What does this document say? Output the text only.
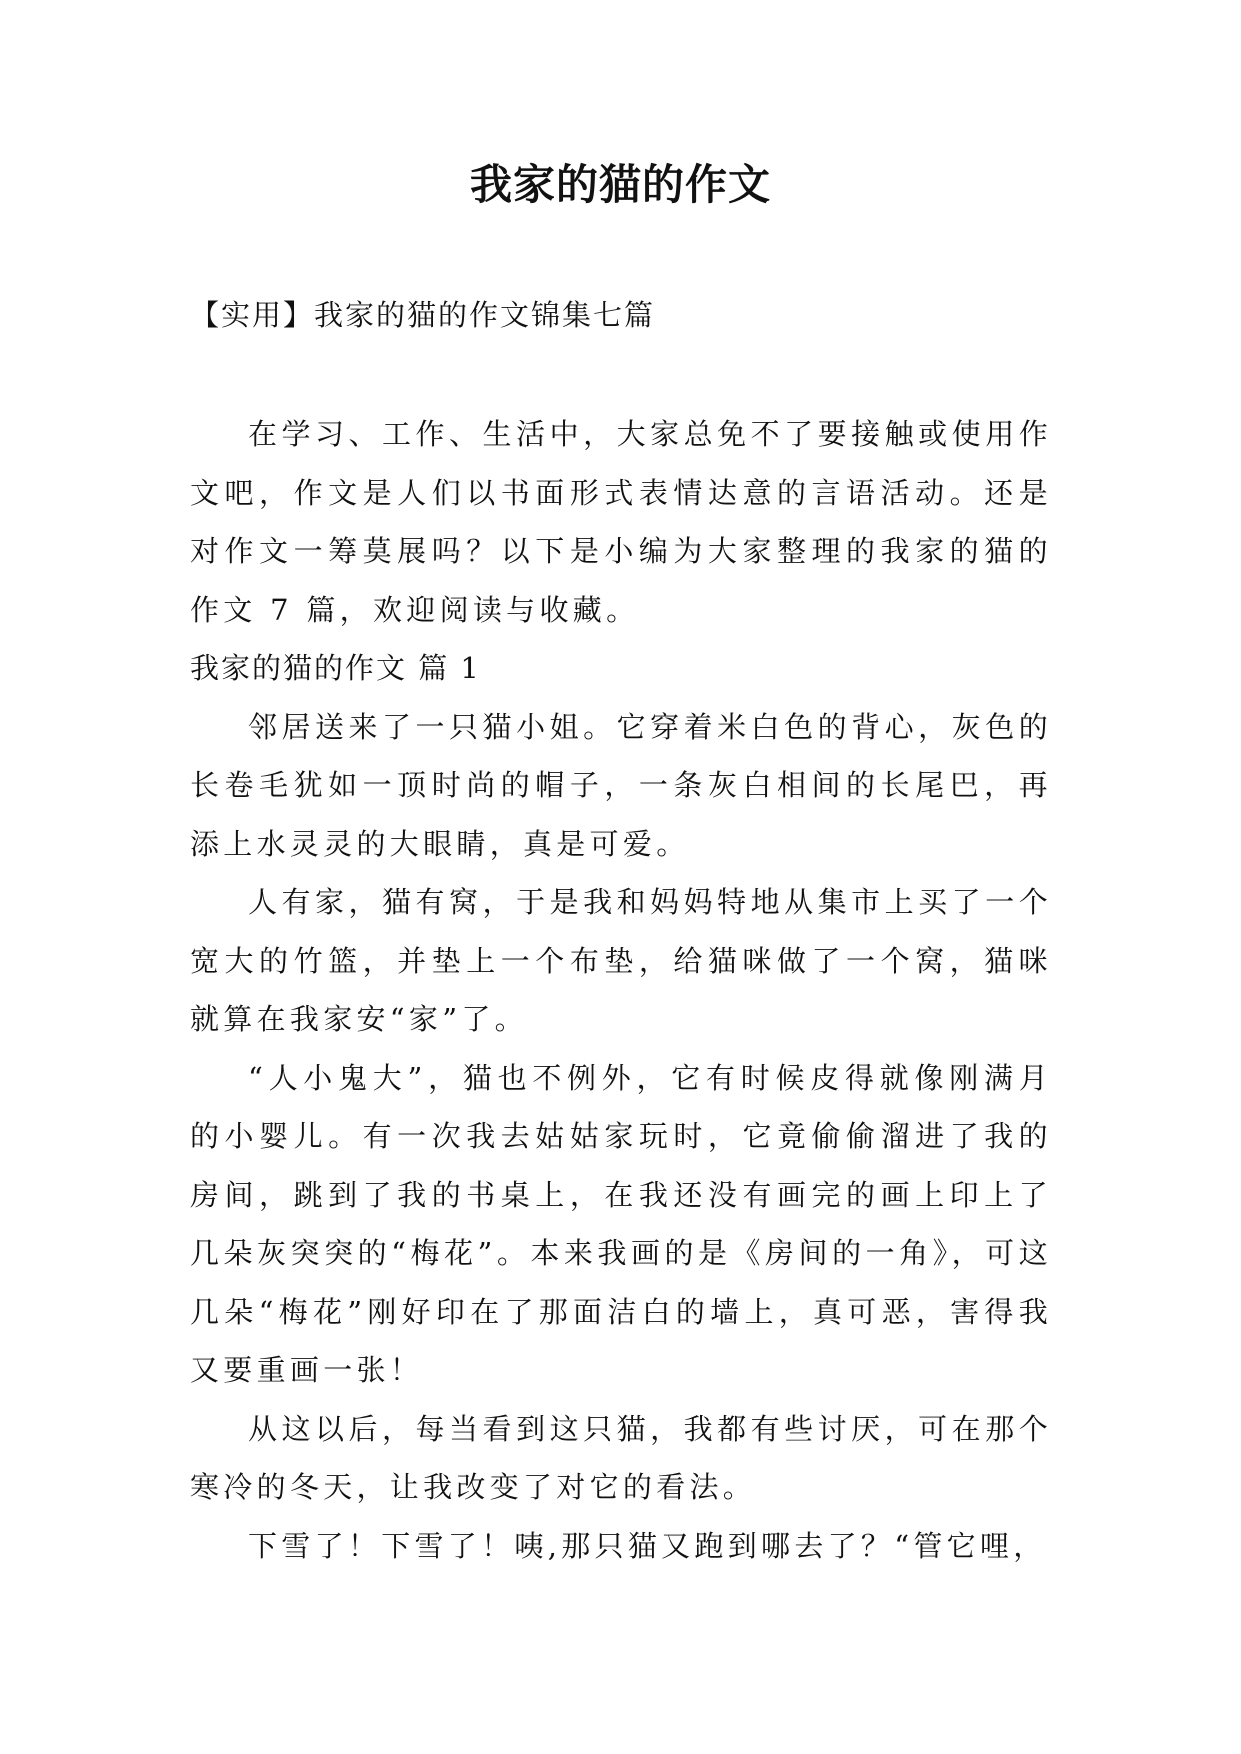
我家的猫的作文
【实用】我家的猫的作文锦集七篇

在学习、工作、生活中，大家总免不了要接触或使用作文吧，作文是人们以书面形式表情达意的言语活动。还是对作文一筹莫展吗？以下是小编为大家整理的我家的猫的作文 7 篇，欢迎阅读与收藏。

我家的猫的作文 篇 1

邻居送来了一只猫小姐。它穿着米白色的背心，灰色的长卷毛犹如一顶时尚的帽子，一条灰白相间的长尾巴，再添上水灵灵的大眼睛，真是可爱。

人有家，猫有窝，于是我和妈妈特地从集市上买了一个宽大的竹篮，并垫上一个布垫，给猫咪做了一个窝，猫咪就算在我家安“家”了。

“人小鬼大”，猫也不例外，它有时候皮得就像刚满月的小婴儿。有一次我去姑姑家玩时，它竟偷偷溜进了我的房间，跳到了我的书桌上，在我还没有画完的画上印上了几朵灰突突的“梅花”。本来我画的是《房间的一角》，可这几朵“梅花”刚好印在了那面洁白的墙上，真可恶，害得我又要重画一张！

从这以后，每当看到这只猫，我都有些讨厌，可在那个寒冷的冬天，让我改变了对它的看法。

下雪了！下雪了！咦,那只猫又跑到哪去了？“管它哩，
